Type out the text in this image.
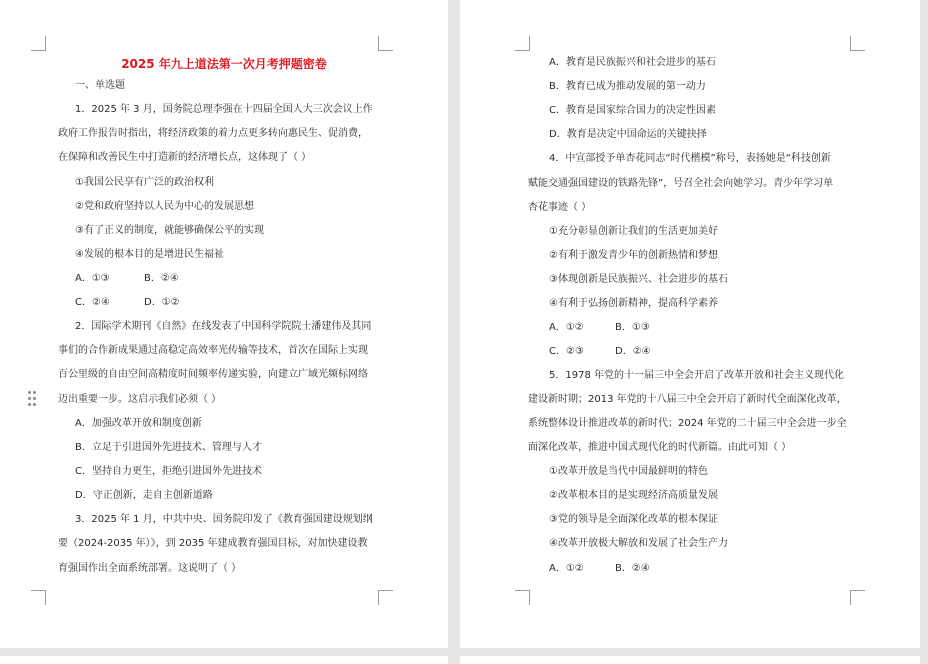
2025 年九上道法第一次月考押题密卷
一、单选题
1．2025 年 3 月，国务院总理李强在十四届全国人大三次会议上作
政府工作报告时指出，将经济政策的着力点更多转向惠民生、促消费，
在保障和改善民生中打造新的经济增长点，这体现了（ ）
①我国公民享有广泛的政治权利
②党和政府坚持以人民为中心的发展思想
③有了正义的制度，就能够确保公平的实现
④发展的根本目的是增进民生福祉
A．①③	B．②④
C．②④	D．①②
2．国际学术期刊《自然》在线发表了中国科学院院士潘建伟及其同
事们的合作新成果通过高稳定高效率光传输等技术，首次在国际上实现
百公里级的自由空间高精度时间频率传递实验，向建立广域光频标网络
迈出重要一步。这启示我们必须（ ）
A．加强改革开放和制度创新
B．立足于引进国外先进技术、管理与人才
C．坚持自力更生，拒绝引进国外先进技术
D．守正创新，走自主创新道路
3．2025 年 1 月，中共中央、国务院印发了《教育强国建设规划纲
要（2024-2035 年）》，到 2035 年建成教育强国目标，对加快建设教
育强国作出全面系统部署。这说明了（ ）
A．教育是民族振兴和社会进步的基石
B．教育已成为推动发展的第一动力
C．教育是国家综合国力的决定性因素
D．教育是决定中国命运的关键抉择
4．中宣部授予单杏花同志“时代楷模”称号，表扬她是“科技创新
赋能交通强国建设的铁路先锋”，号召全社会向她学习。青少年学习单
杏花事迹（ ）
①充分彰显创新让我们的生活更加美好
②有利于激发青少年的创新热情和梦想
③体现创新是民族振兴、社会进步的基石
④有利于弘扬创新精神，提高科学素养
A．①②	B．①③
C．②③	D．②④
5．1978 年党的十一届三中全会开启了改革开放和社会主义现代化
建设新时期；2013 年党的十八届三中全会开启了新时代全面深化改革，
系统整体设计推进改革的新时代；2024 年党的二十届三中全会进一步全
面深化改革，推进中国式现代化的时代新篇。由此可知（ ）
①改革开放是当代中国最鲜明的特色
②改革根本目的是实现经济高质量发展
③党的领导是全面深化改革的根本保证
④改革开放极大解放和发展了社会生产力
A．①②	B．②④
